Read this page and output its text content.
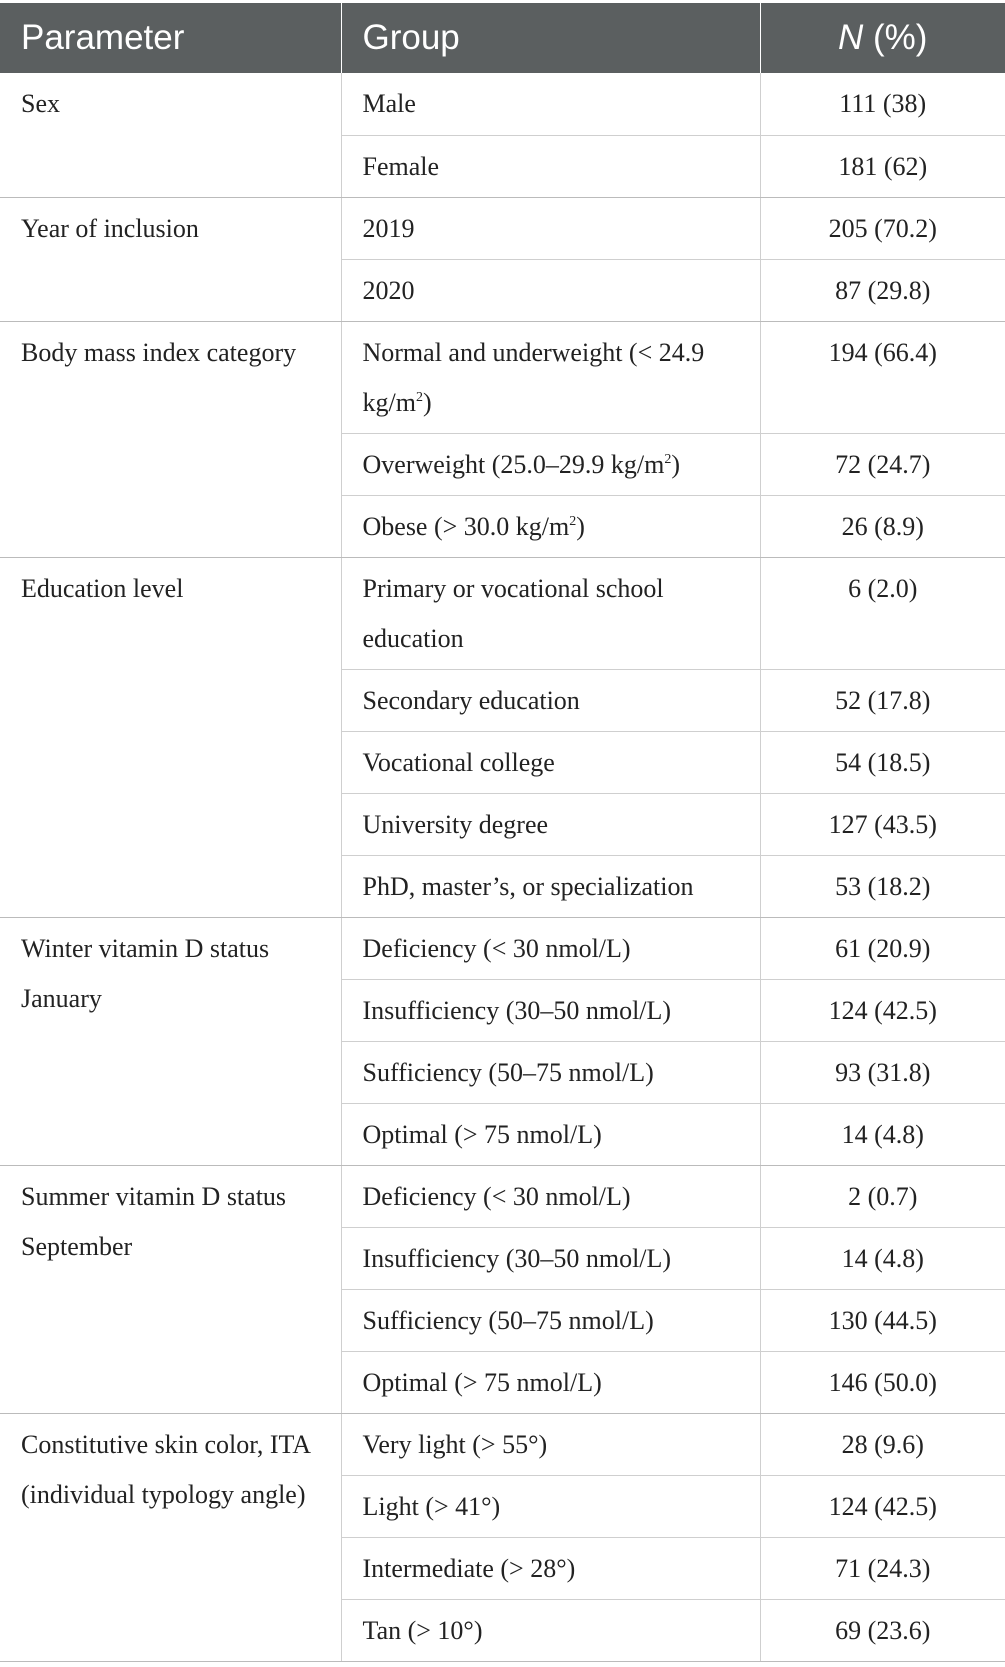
Parameter	Group	N (%)
Sex	Male	111 (38)
	Female	181 (62)
Year of inclusion	2019	205 (70.2)
	2020	87 (29.8)
Body mass index category	Normal and underweight (< 24.9 $kg/m^2$)	194 (66.4)
	Overweight (25.0–29.9 $kg/m^2$)	72 (24.7)
	Obese (> 30.0 $kg/m^2$)	26 (8.9)
Education level	Primary or vocational school education	6 (2.0)
	Secondary education	52 (17.8)
	Vocational college	54 (18.5)
	University degree	127 (43.5)
	PhD, master’s, or specialization	53 (18.2)
Winter vitamin D status January	Deficiency (< 30 nmol/L)	61 (20.9)
	Insufficiency (30–50 nmol/L)	124 (42.5)
	Sufficiency (50–75 nmol/L)	93 (31.8)
	Optimal (> 75 nmol/L)	14 (4.8)
Summer vitamin D status September	Deficiency (< 30 nmol/L)	2 (0.7)
	Insufficiency (30–50 nmol/L)	14 (4.8)
	Sufficiency (50–75 nmol/L)	130 (44.5)
	Optimal (> 75 nmol/L)	146 (50.0)
Constitutive skin color, ITA (individual typology angle)	Very light (> 55°)	28 (9.6)
	Light (> 41°)	124 (42.5)
	Intermediate (> 28°)	71 (24.3)
	Tan (> 10°)	69 (23.6)
